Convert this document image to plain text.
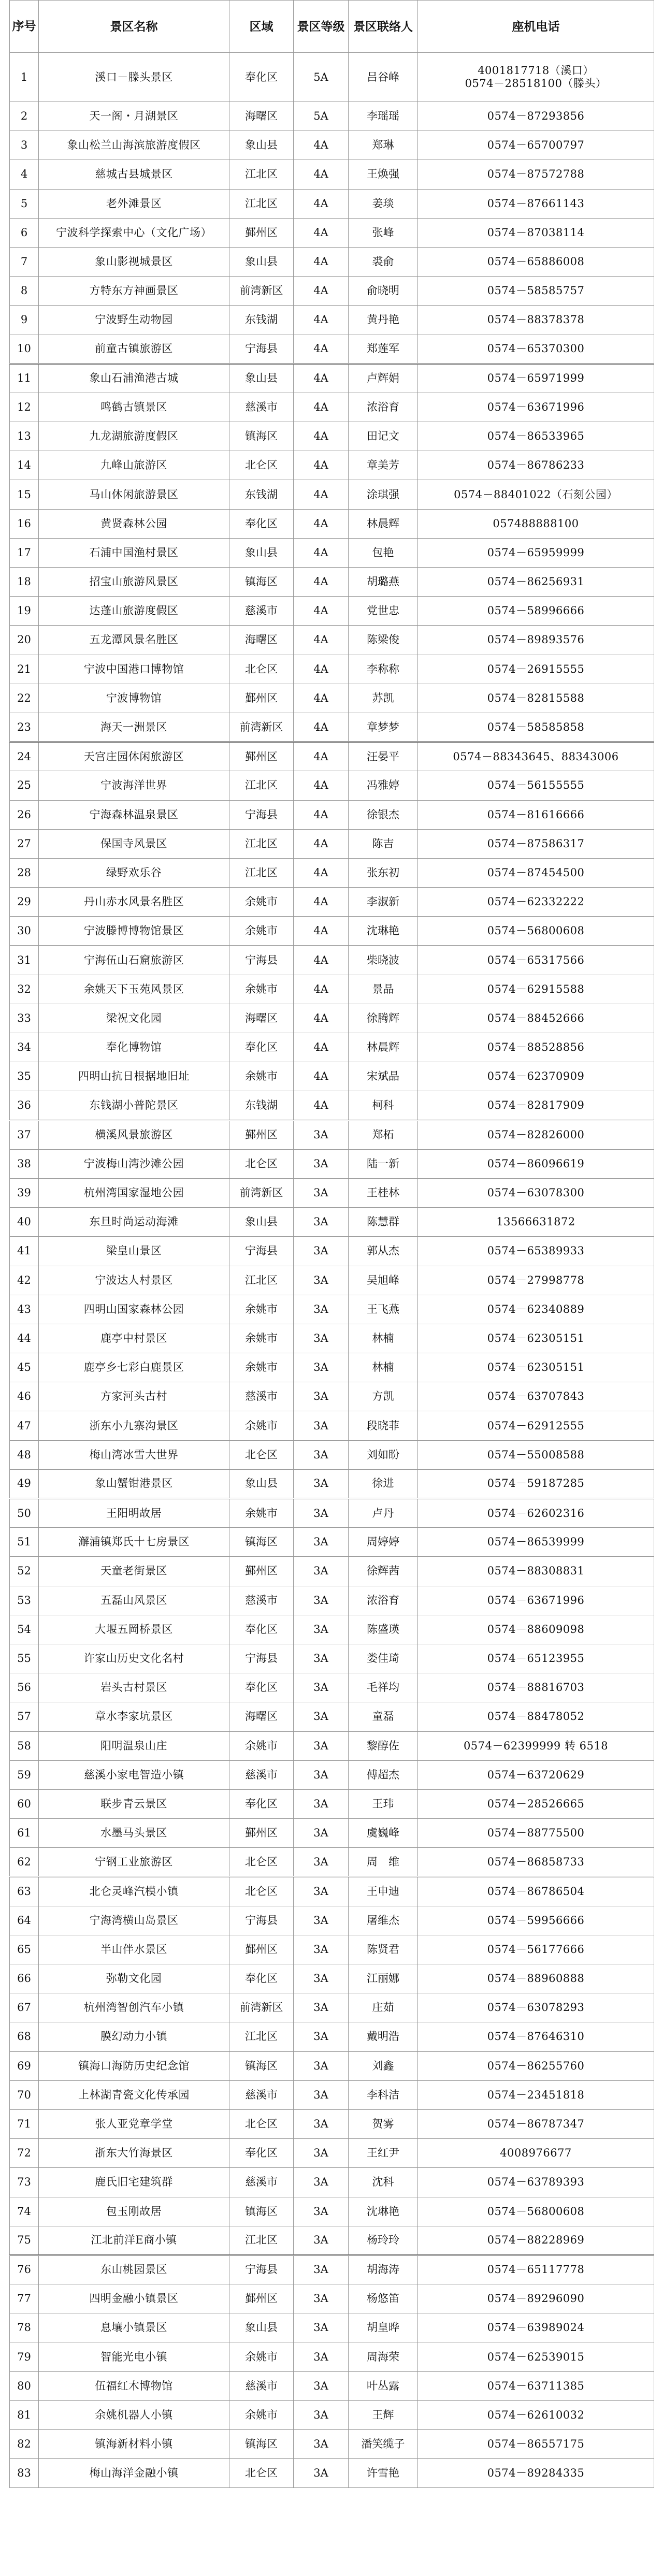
序号	景区名称	区域	景区等级	景区联络人	座机电话
1	溪口－滕头景区	奉化区	5A	吕谷峰	4001817718（溪口）
0574－28518100（滕头）

2	天一阁・月湖景区	海曙区	5A	李瑶瑶	0574－87293856

3	象山松兰山海滨旅游度假区	象山县	4A	郑琳	0574－65700797

4	慈城古县城景区	江北区	4A	王焕强	0574－87572788

5	老外滩景区	江北区	4A	姜琰	0574－87661143

6	宁波科学探索中心（文化广场）	鄞州区	4A	张峰	0574－87038114

7	象山影视城景区	象山县	4A	裘俞	0574－65886008

8	方特东方神画景区	前湾新区	4A	俞晓明	0574－58585757

9	宁波野生动物园	东钱湖	4A	黄丹艳	0574－88378378

10	前童古镇旅游区	宁海县	4A	郑莲军	0574－65370300

11	象山石浦渔港古城	象山县	4A	卢辉娟	0574－65971999

12	鸣鹤古镇景区	慈溪市	4A	浓浴育	0574－63671996

13	九龙湖旅游度假区	镇海区	4A	田记文	0574－86533965

14	九峰山旅游区	北仑区	4A	章美芳	0574－86786233

15	马山休闲旅游景区	东钱湖	4A	涂琪强	0574－88401022（石刻公园）

16	黄贤森林公园	奉化区	4A	林晨辉	057488888100

17	石浦中国渔村景区	象山县	4A	包艳	0574－65959999

18	招宝山旅游风景区	镇海区	4A	胡璐燕	0574－86256931

19	达蓬山旅游度假区	慈溪市	4A	党世忠	0574－58996666

20	五龙潭风景名胜区	海曙区	4A	陈梁俊	0574－89893576

21	宁波中国港口博物馆	北仑区	4A	李称称	0574－26915555

22	宁波博物馆	鄞州区	4A	苏凯	0574－82815588

23	海天一洲景区	前湾新区	4A	章梦梦	0574－58585858

24	天宫庄园休闲旅游区	鄞州区	4A	汪晏平	0574－88343645、88343006

25	宁波海洋世界	江北区	4A	冯雅婷	0574－56155555

26	宁海森林温泉景区	宁海县	4A	徐银杰	0574－81616666

27	保国寺风景区	江北区	4A	陈吉	0574－87586317

28	绿野欢乐谷	江北区	4A	张东初	0574－87454500

29	丹山赤水风景名胜区	余姚市	4A	李淑新	0574－62332222

30	宁波滕博博物馆景区	余姚市	4A	沈琳艳	0574－56800608

31	宁海伍山石窟旅游区	宁海县	4A	柴晓波	0574－65317566

32	余姚天下玉苑风景区	余姚市	4A	景晶	0574－62915588

33	梁祝文化园	海曙区	4A	徐腾辉	0574－88452666

34	奉化博物馆	奉化区	4A	林晨辉	0574－88528856

35	四明山抗日根据地旧址	余姚市	4A	宋斌晶	0574－62370909

36	东钱湖小普陀景区	东钱湖	4A	柯科	0574－82817909

37	横溪风景旅游区	鄞州区	3A	郑柘	0574－82826000

38	宁波梅山湾沙滩公园	北仑区	3A	陆一新	0574－86096619

39	杭州湾国家湿地公园	前湾新区	3A	王桂林	0574－63078300

40	东旦时尚运动海滩	象山县	3A	陈慧群	13566631872

41	梁皇山景区	宁海县	3A	郭从杰	0574－65389933

42	宁波达人村景区	江北区	3A	吴旭峰	0574－27998778

43	四明山国家森林公园	余姚市	3A	王飞燕	0574－62340889

44	鹿亭中村景区	余姚市	3A	林楠	0574－62305151

45	鹿亭乡七彩白鹿景区	余姚市	3A	林楠	0574－62305151

46	方家河头古村	慈溪市	3A	方凯	0574－63707843

47	浙东小九寨沟景区	余姚市	3A	段晓菲	0574－62912555

48	梅山湾冰雪大世界	北仑区	3A	刘如盼	0574－55008588

49	象山蟹钳港景区	象山县	3A	徐进	0574－59187285

50	王阳明故居	余姚市	3A	卢丹	0574－62602316

51	澥浦镇郑氏十七房景区	镇海区	3A	周婷婷	0574－86539999

52	天童老街景区	鄞州区	3A	徐辉茜	0574－88308831

53	五磊山风景区	慈溪市	3A	浓浴育	0574－63671996

54	大堰五岡桥景区	奉化区	3A	陈盛瑛	0574－88609098

55	许家山历史文化名村	宁海县	3A	娄佳琦	0574－65123955

56	岩头古村景区	奉化区	3A	毛祥均	0574－88816703

57	章水李家坑景区	海曙区	3A	童磊	0574－88478052

58	阳明温泉山庄	余姚市	3A	黎醇佐	0574－62399999 转 6518

59	慈溪小家电智造小镇	慈溪市	3A	傅超杰	0574－63720629

60	联步青云景区	奉化区	3A	王玮	0574－28526665

61	水墨马头景区	鄞州区	3A	虞巍峰	0574－88775500

62	宁钢工业旅游区	北仑区	3A	周　维	0574－86858733

63	北仑灵峰汽模小镇	北仑区	3A	王申迪	0574－86786504

64	宁海湾横山岛景区	宁海县	3A	屠维杰	0574－59956666

65	半山伴水景区	鄞州区	3A	陈贤君	0574－56177666

66	弥勒文化园	奉化区	3A	江丽娜	0574－88960888

67	杭州湾智创汽车小镇	前湾新区	3A	庄茹	0574－63078293

68	膜幻动力小镇	江北区	3A	戴明浩	0574－87646310

69	镇海口海防历史纪念馆	镇海区	3A	刘鑫	0574－86255760

70	上林湖青瓷文化传承园	慈溪市	3A	李科洁	0574－23451818

71	张人亚党章学堂	北仑区	3A	贺雾	0574－86787347

72	浙东大竹海景区	奉化区	3A	王红尹	4008976677

73	鹿氏旧宅建筑群	慈溪市	3A	沈科	0574－63789393

74	包玉刚故居	镇海区	3A	沈琳艳	0574－56800608

75	江北前洋E商小镇	江北区	3A	杨玲玲	0574－88228969

76	东山桃园景区	宁海县	3A	胡海涛	0574－65117778

77	四明金融小镇景区	鄞州区	3A	杨悠笛	0574－89296090

78	息壤小镇景区	象山县	3A	胡皇晔	0574－63989024

79	智能光电小镇	余姚市	3A	周海荣	0574－62539015

80	伍福红木博物馆	慈溪市	3A	叶丛露	0574－63711385

81	余姚机器人小镇	余姚市	3A	王辉	0574－62610032

82	镇海新材料小镇	镇海区	3A	潘笑缆子	0574－86557175

83	梅山海洋金融小镇	北仑区	3A	许雪艳	0574－89284335
